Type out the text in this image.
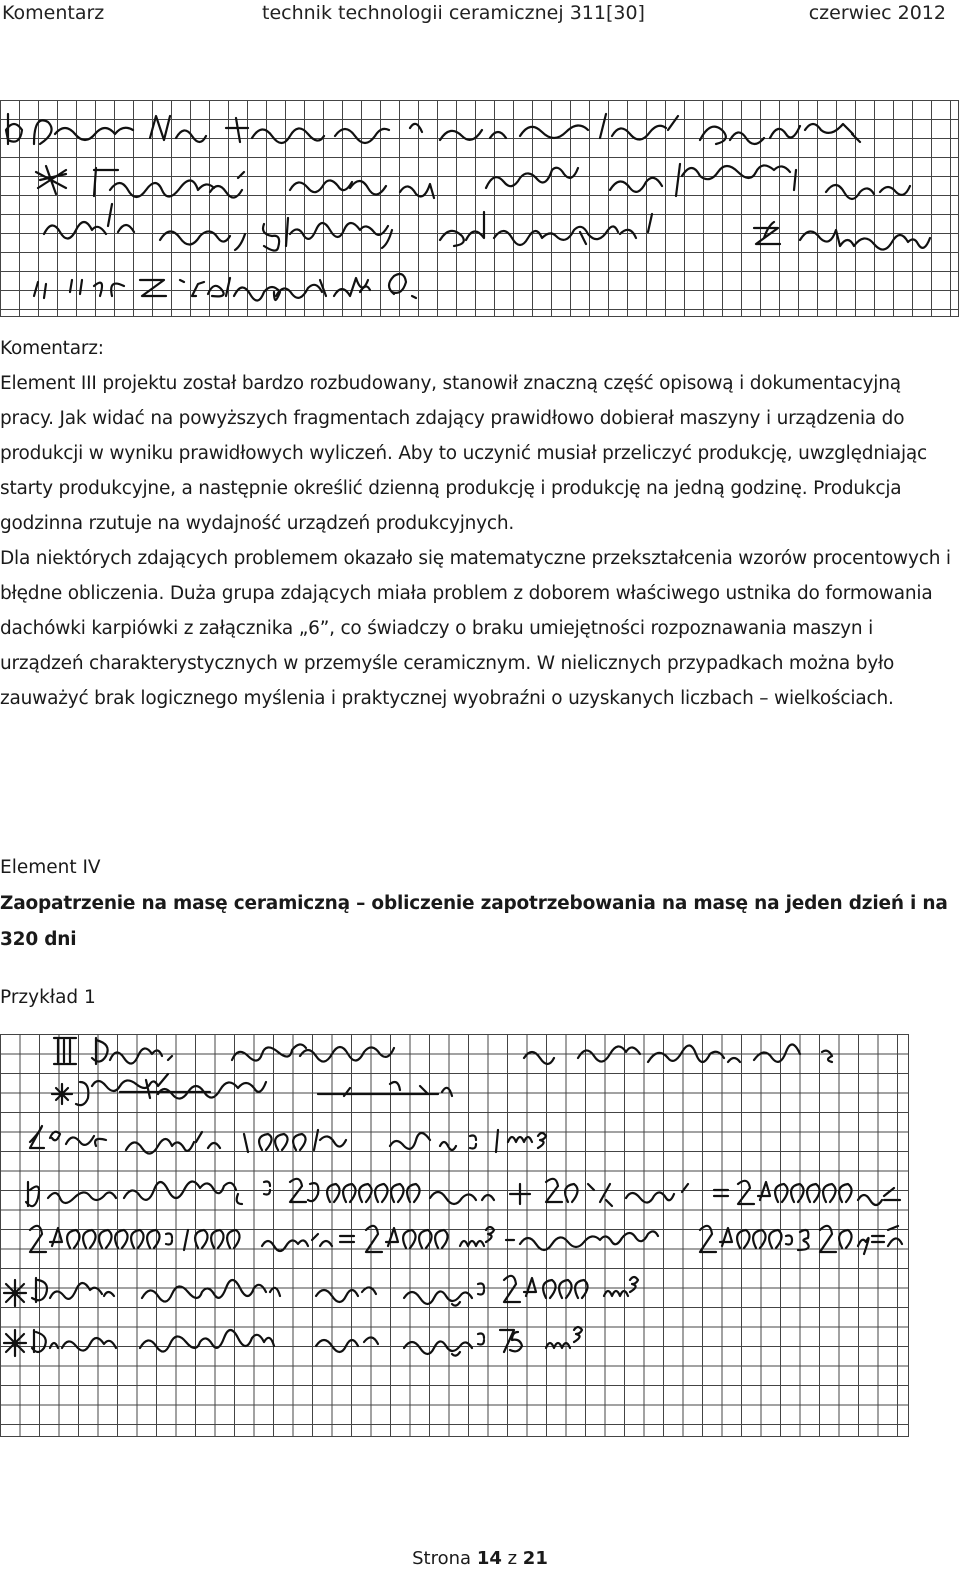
Komentarz	technik technologii ceramicznej 311[30]	czerwiec 2012

Komentarz:

Element III projektu został bardzo rozbudowany, stanowił znaczną część opisową i dokumentacyjną pracy. Jak widać na powyższych fragmentach zdający prawidłowo dobierał maszyny i urządzenia do produkcji w wyniku prawidłowych wyliczeń. Aby to uczynić musiał przeliczyć produkcję, uwzględniając starty produkcyjne, a następnie określić dzienną produkcję i produkcję na jedną godzinę. Produkcja godzinna rzutuje na wydajność urządzeń produkcyjnych.

Dla niektórych zdających problemem okazało się matematyczne przekształcenia wzorów procentowych i błędne obliczenia. Duża grupa zdających miała problem z doborem właściwego ustnika do formowania dachówki karpiówki z załącznika „6”, co świadczy o braku umiejętności rozpoznawania maszyn i urządzeń charakterystycznych w przemyśle ceramicznym. W nielicznych przypadkach można było zauważyć brak logicznego myślenia i praktycznej wyobraźni o uzyskanych liczbach – wielkościach.

Element IV
Zaopatrzenie na masę ceramiczną – obliczenie zapotrzebowania na masę na jeden dzień i na 320 dni
Przykład 1
Strona 14 z 21
